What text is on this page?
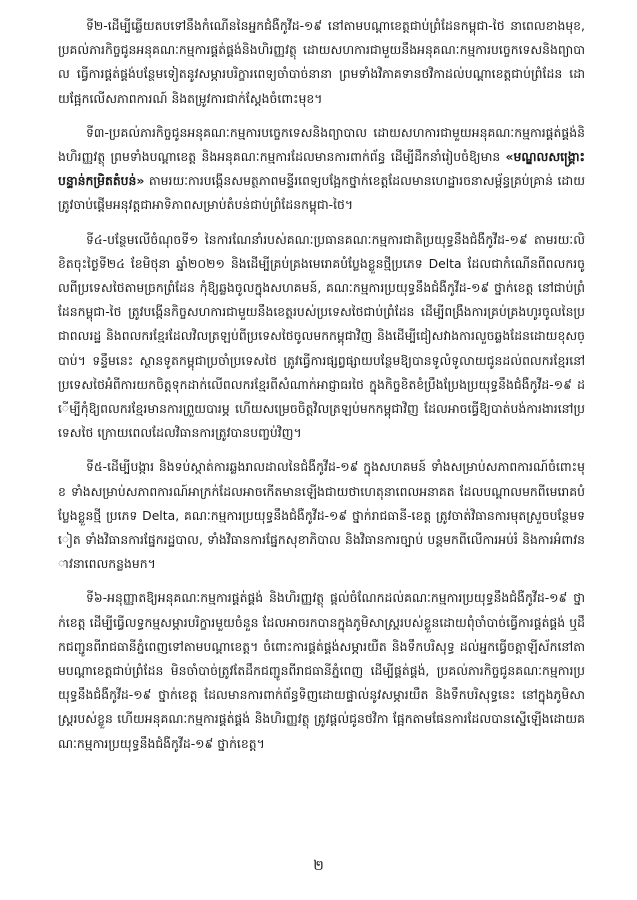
ទី២-ដើម្បីឆ្លើយតបទៅនឹងកំណើននៃអ្នកជំងឺកូវីដ-១៩ នៅតាមបណ្តាខេត្តជាប់ព្រំដែនកម្ពុជា-ថៃ នាពេលខាងមុខ, ប្រគល់ភារកិច្ចជូនអនុគណៈកម្មការផ្គត់ផ្គង់និងហិរញ្ញវត្ថុ ដោយសហការជាមួយនឹងអនុគណៈកម្មការបច្ចេកទេសនិងព្យាបាល ធ្វើការផ្គត់ផ្គង់បន្ថែមទៀតនូវសម្ភារបរិក្ខារពេទ្យចាំបាច់នានា ព្រមទាំងវិភាគទានថវិកាដល់បណ្តាខេត្តជាប់ព្រំដែន ដោយផ្អែកលើសភាពការណ៍ និងតម្រូវការជាក់ស្តែងចំពោះមុខ។

ទី៣-ប្រគល់ភារកិច្ចជូនអនុគណៈកម្មការបច្ចេកទេសនិងព្យាបាល ដោយសហការជាមួយអនុគណៈកម្មការផ្គត់ផ្គង់និងហិរញ្ញវត្ថុ ព្រមទាំងបណ្តាខេត្ត និងអនុគណៈកម្មការដែលមានការពាក់ព័ន្ធ ដើម្បីដឹកនាំរៀបចំឱ្យមាន «មណ្ឌលសង្គ្រោះបន្ទាន់កម្រិតតំបន់» តាមរយៈការបង្កើនសមត្ថភាពមន្ទីរពេទ្យបង្អែកថ្នាក់ខេត្តដែលមានហេដ្ឋារចនាសម្ព័ន្ធគ្រប់គ្រាន់ ដោយត្រូវចាប់ផ្តើមអនុវត្តជាអាទិភាពសម្រាប់តំបន់ជាប់ព្រំដែនកម្ពុជា-ថៃ។

ទី៤-បន្ថែមលើចំណុចទី១ នៃការណែនាំរបស់គណៈប្រធានគណៈកម្មការជាតិប្រយុទ្ធនឹងជំងឺកូវីដ-១៩ តាមរយៈលិខិតចុះថ្ងៃទី២៤ ខែមិថុនា ឆ្នាំ២០២១ និងដើម្បីគ្រប់គ្រងមេរោគបំប្លែងខ្លួនថ្មីប្រភេទ Delta ដែលជាកំណើនពីពលករចូលពីប្រទេសថៃតាមច្រកព្រំដែន កុំឱ្យឆ្លងចូលក្នុងសហគមន៍, គណៈកម្មការប្រយុទ្ធនឹងជំងឺកូវីដ-១៩ ថ្នាក់ខេត្ត នៅជាប់ព្រំដែនកម្ពុជា-ថៃ ត្រូវបង្កើនកិច្ចសហការជាមួយនឹងខេត្តរបស់ប្រទេសថៃជាប់ព្រំដែន ដើម្បីពង្រឹងការគ្រប់គ្រងហូរចូលនៃប្រជាពលរដ្ឋ និងពលករខ្មែរដែលវិលត្រឡប់ពីប្រទេសថៃចូលមកកម្ពុជាវិញ និងដើម្បីជៀសវាងការលួចឆ្លងដែនដោយខុសច្បាប់។ ទន្ទឹមនេះ ស្ថានទូតកម្ពុជាប្រចាំប្រទេសថៃ ត្រូវធ្វើការផ្សព្វផ្សាយបន្ថែមឱ្យបានទូលំទូលាយជូនដល់ពលករខ្មែរនៅប្រទេសថៃអំពីការយកចិត្តទុកដាក់លើពលករខ្មែរពីសំណាក់អាជ្ញាធរថៃ ក្នុងកិច្ចខិតខំប្រឹងប្រែងប្រយុទ្ធនឹងជំងឺកូវីដ-១៩ ដើម្បីកុំឱ្យពលករខ្មែរមានការព្រួយបារម្ភ ហើយសម្រេចចិត្តវិលត្រឡប់មកកម្ពុជាវិញ ដែលអាចធ្វើឱ្យបាត់បង់ការងារនៅប្រទេសថៃ ក្រោយពេលដែលវិធានការត្រូវបានបញ្ចប់វិញ។

ទី៥-ដើម្បីបង្ការ និងទប់ស្កាត់ការឆ្លងរាលដាលនៃជំងឺកូវីដ-១៩ ក្នុងសហគមន៍ ទាំងសម្រាប់សភាពការណ៍ចំពោះមុខ ទាំងសម្រាប់សភាពការណ៍អាក្រក់ដែលអាចកើតមានឡើងជាយថាហេតុនាពេលអនាគត ដែលបណ្តាលមកពីមេរោគបំប្លែងខ្លួនថ្មី ប្រភេទ Delta, គណៈកម្មការប្រយុទ្ធនឹងជំងឺកូវីដ-១៩ ថ្នាក់រាជធានី-ខេត្ត ត្រូវចាត់វិធានការមុតស្រួចបន្ថែមទៀត ទាំងវិធានការផ្នែករដ្ឋបាល, ទាំងវិធានការផ្នែកសុខាភិបាល និងវិធានការច្បាប់ បន្តមកពីលើការអប់រំ និងការអំពាវនាវនាពេលកន្លងមក។

ទី៦-អនុញ្ញាតឱ្យអនុគណៈកម្មការផ្គត់ផ្គង់ និងហិរញ្ញវត្ថុ ផ្តល់ចំណែកដល់គណៈកម្មការប្រយុទ្ធនឹងជំងឺកូវីដ-១៩ ថ្នាក់ខេត្ត ដើម្បីធ្វើលទ្ធកម្មសម្ភារបរិក្ខារមួយចំនួន ដែលអាចរកបានក្នុងភូមិសាស្ត្ររបស់ខ្លួនដោយពុំចាំបាច់ធ្វើការផ្គត់ផ្គង់ ឬដឹកជញ្ជូនពីរាជធានីភ្នំពេញទៅតាមបណ្តាខេត្ត។ ចំពោះការផ្គត់ផ្គង់សម្ភារយឺត និងទឹកបរិសុទ្ធ ដល់អ្នកធ្វើចត្តាឡីស័កនៅតាមបណ្តាខេត្តជាប់ព្រំដែន មិនចាំបាច់ត្រូវតែដឹកជញ្ជូនពីរាជធានីភ្នំពេញ ដើម្បីផ្គត់ផ្គង់, ប្រគល់ភារកិច្ចជូនគណៈកម្មការប្រយុទ្ធនឹងជំងឺកូវីដ-១៩ ថ្នាក់ខេត្ត ដែលមានការពាក់ព័ន្ធទិញដោយផ្ទាល់នូវសម្ភារយឺត និងទឹកបរិសុទ្ធនេះ នៅក្នុងភូមិសាស្ត្ររបស់ខ្លួន ហើយអនុគណៈកម្មការផ្គត់ផ្គង់ និងហិរញ្ញវត្ថុ ត្រូវផ្តល់ជូនថវិកា ផ្អែកតាមផែនការដែលបានស្នើឡើងដោយគណៈកម្មការប្រយុទ្ធនឹងជំងឺកូវីដ-១៩ ថ្នាក់ខេត្ត។

២
